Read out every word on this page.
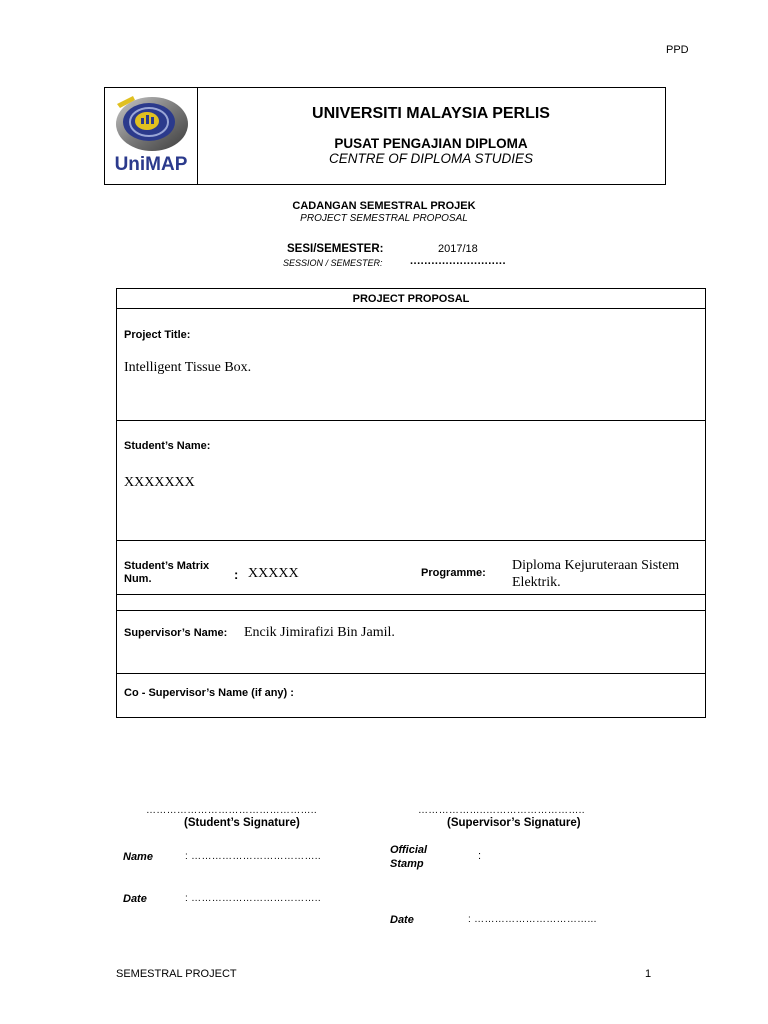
PPD
UniMAP
UNIVERSITI MALAYSIA PERLIS
PUSAT PENGAJIAN DIPLOMA
CENTRE OF DIPLOMA STUDIES
CADANGAN SEMESTRAL PROJEK
PROJECT SEMESTRAL PROPOSAL
SESI/SEMESTER:	2017/18
SESSION / SEMESTER: ...........................
PROJECT PROPOSAL
Project Title:
Intelligent Tissue Box.
Student’s Name:
XXXXXXX
Student’s Matrix
Num.	: XXXXX	Programme: Diploma Kejuruteraan Sistem
Elektrik.
Supervisor’s Name: Encik Jimirafizi Bin Jamil.
Co - Supervisor’s Name (if any) :
…………………………………………..
(Student’s Signature)
………………..………………………..
(Supervisor’s Signature)
Name	: ………………………………..
Official
Stamp
:
Date	: ………………………………..
Date	: ……………………………...
SEMESTRAL PROJECT	1
